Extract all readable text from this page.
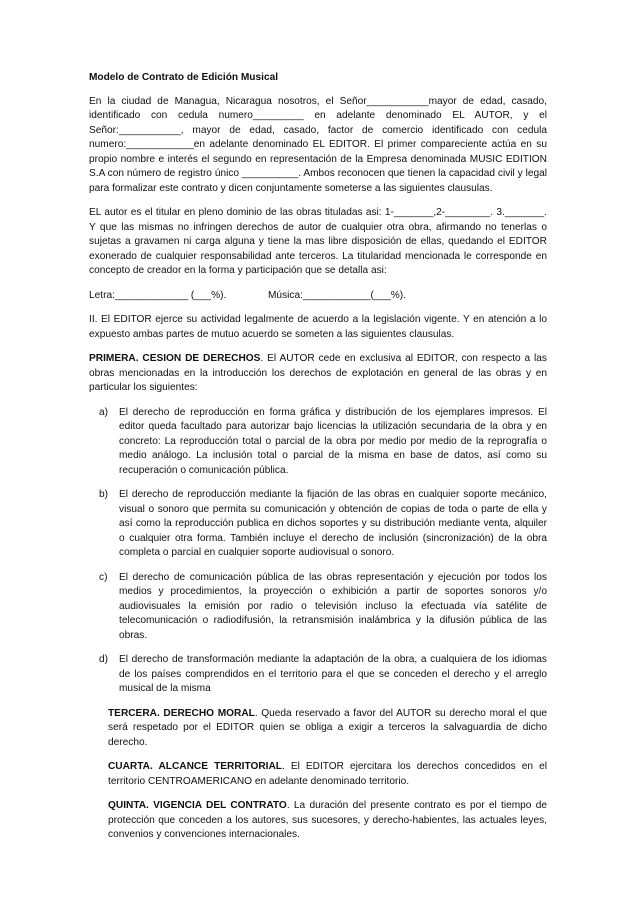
Modelo de Contrato de Edición Musical

En la ciudad de Managua, Nicaragua nosotros, el Señor___________mayor de edad, casado, identificado con cedula numero_________ en adelante denominado EL AUTOR, y el Señor:___________, mayor de edad, casado, factor de comercio identificado con cedula numero:____________en adelante denominado EL EDITOR. El primer compareciente actúa en su propio nombre e interés el segundo en representación de la Empresa denominada MUSIC EDITION S.A con número de registro único __________. Ambos reconocen que tienen la capacidad civil y legal para formalizar este contrato y dicen conjuntamente someterse a las siguientes clausulas.

EL autor es el titular en pleno dominio de las obras tituladas asi: 1-_______,2-________. 3._______. Y que las mismas no infringen derechos de autor de cualquier otra obra, afirmando no tenerlas o sujetas a gravamen ni carga alguna y tiene la mas libre disposición de ellas, quedando el EDITOR exonerado de cualquier responsabilidad ante terceros. La titularidad mencionada le corresponde en concepto de creador en la forma y participación que se detalla asi:

Letra:_____________ (___%).	Música:____________(___%).

II. El EDITOR ejerce su actividad legalmente de acuerdo a la legislación vigente. Y en atención a lo expuesto ambas partes de mutuo acuerdo se someten a las siguientes clausulas.

PRIMERA. CESION DE DERECHOS. El AUTOR cede en exclusiva al EDITOR, con respecto a las obras mencionadas en la introducción los derechos de explotación en general de las obras y en particular los siguientes:

a) El derecho de reproducción en forma gráfica y distribución de los ejemplares impresos. El editor queda facultado para autorizar bajo licencias la utilización secundaria de la obra y en concreto: La reproducción total o parcial de la obra por medio por medio de la reprografía o medio análogo. La inclusión total o parcial de la misma en base de datos, así como su recuperación o comunicación pública.
b) El derecho de reproducción mediante la fijación de las obras en cualquier soporte mecánico, visual o sonoro que permita su comunicación y obtención de copias de toda o parte de ella y así como la reproducción publica en dichos soportes y su distribución mediante venta, alquiler o cualquier otra forma. También incluye el derecho de inclusión (sincronización) de la obra completa o parcial en cualquier soporte audiovisual o sonoro.
c) El derecho de comunicación pública de las obras representación y ejecución por todos los medios y procedimientos, la proyección o exhibición a partir de soportes sonoros y/o audiovisuales la emisión por radio o televisión incluso la efectuada vía satélite de telecomunicación o radiodifusión, la retransmisión inalámbrica y la difusión pública de las obras.
d) El derecho de transformación mediante la adaptación de la obra, a cualquiera de los idiomas de los países comprendidos en el territorio para el que se conceden el derecho y el arreglo musical de la misma

TERCERA. DERECHO MORAL. Queda reservado a favor del AUTOR su derecho moral el que será respetado por el EDITOR quien se obliga a exigir a terceros la salvaguardia de dicho derecho.

CUARTA. ALCANCE TERRITORIAL. El EDITOR ejercitara los derechos concedidos en el territorio CENTROAMERICANO en adelante denominado territorio.

QUINTA. VIGENCIA DEL CONTRATO. La duración del presente contrato es por el tiempo de protección que conceden a los autores, sus sucesores, y derecho-habientes, las actuales leyes, convenios y convenciones internacionales.
